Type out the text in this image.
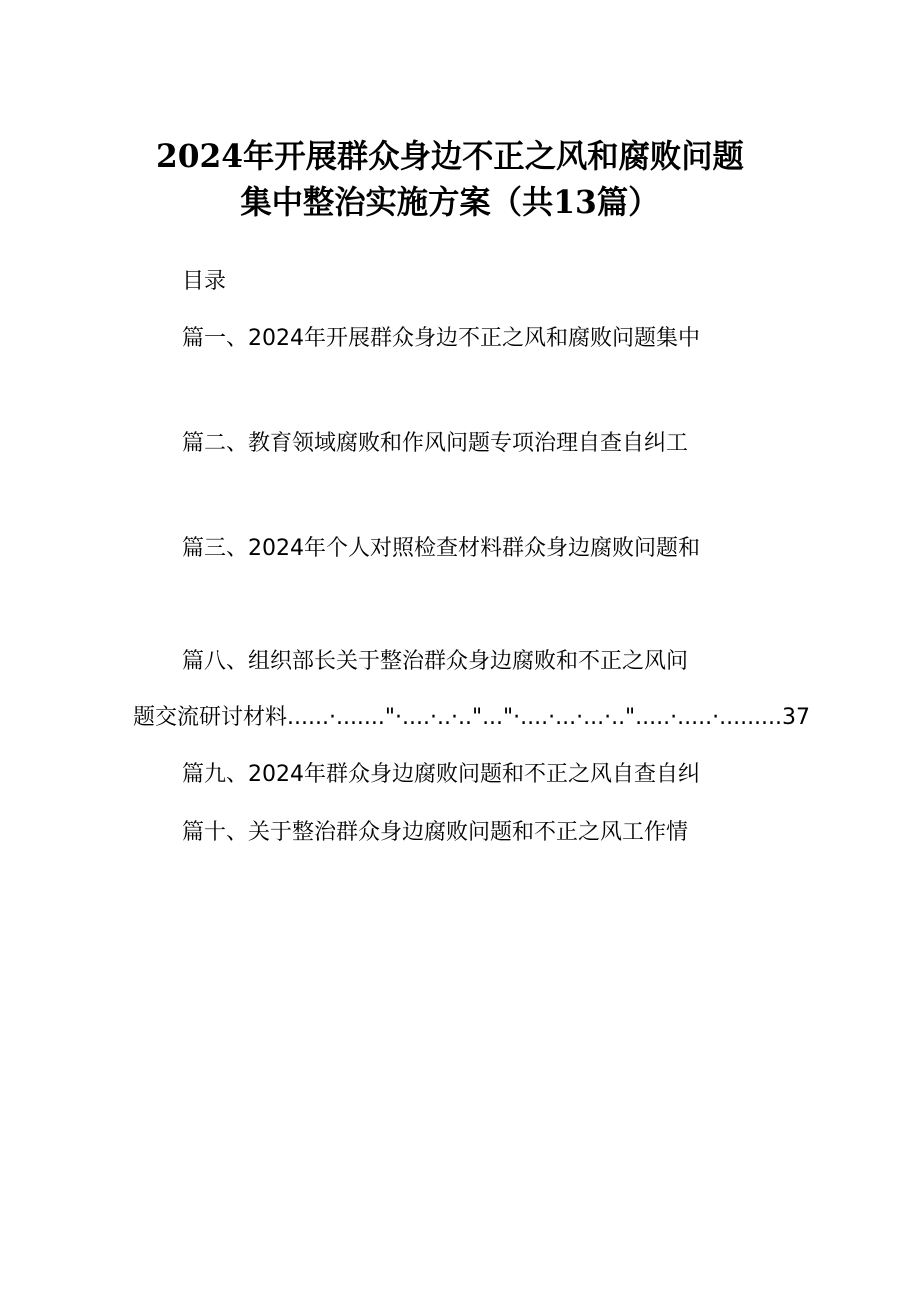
2024年开展群众身边不正之风和腐败问题
集中整治实施方案（共13篇）
目录
篇一、2024年开展群众身边不正之风和腐败问题集中
篇二、教育领域腐败和作风问题专项治理自查自纠工
篇三、2024年个人对照检查材料群众身边腐败问题和
篇八、组织部长关于整治群众身边腐败和不正之风问
题交流研讨材料......·......."·....·..·.."..."·....·...·...·..".....·.....·.........37
篇九、2024年群众身边腐败问题和不正之风自查自纠
篇十、关于整治群众身边腐败问题和不正之风工作情
